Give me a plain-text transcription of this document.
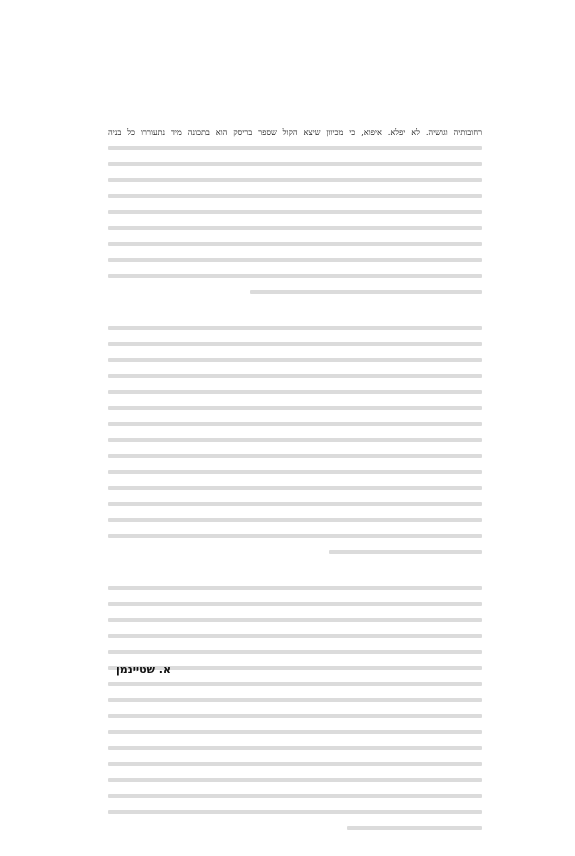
רחובותיה וגושיה. לא יפלא. איפוא, כי מכיוון שיצא הקול שספר בריסק הוא בתכונה מיד נתעוררו כל בניה
א. שטיינמן
